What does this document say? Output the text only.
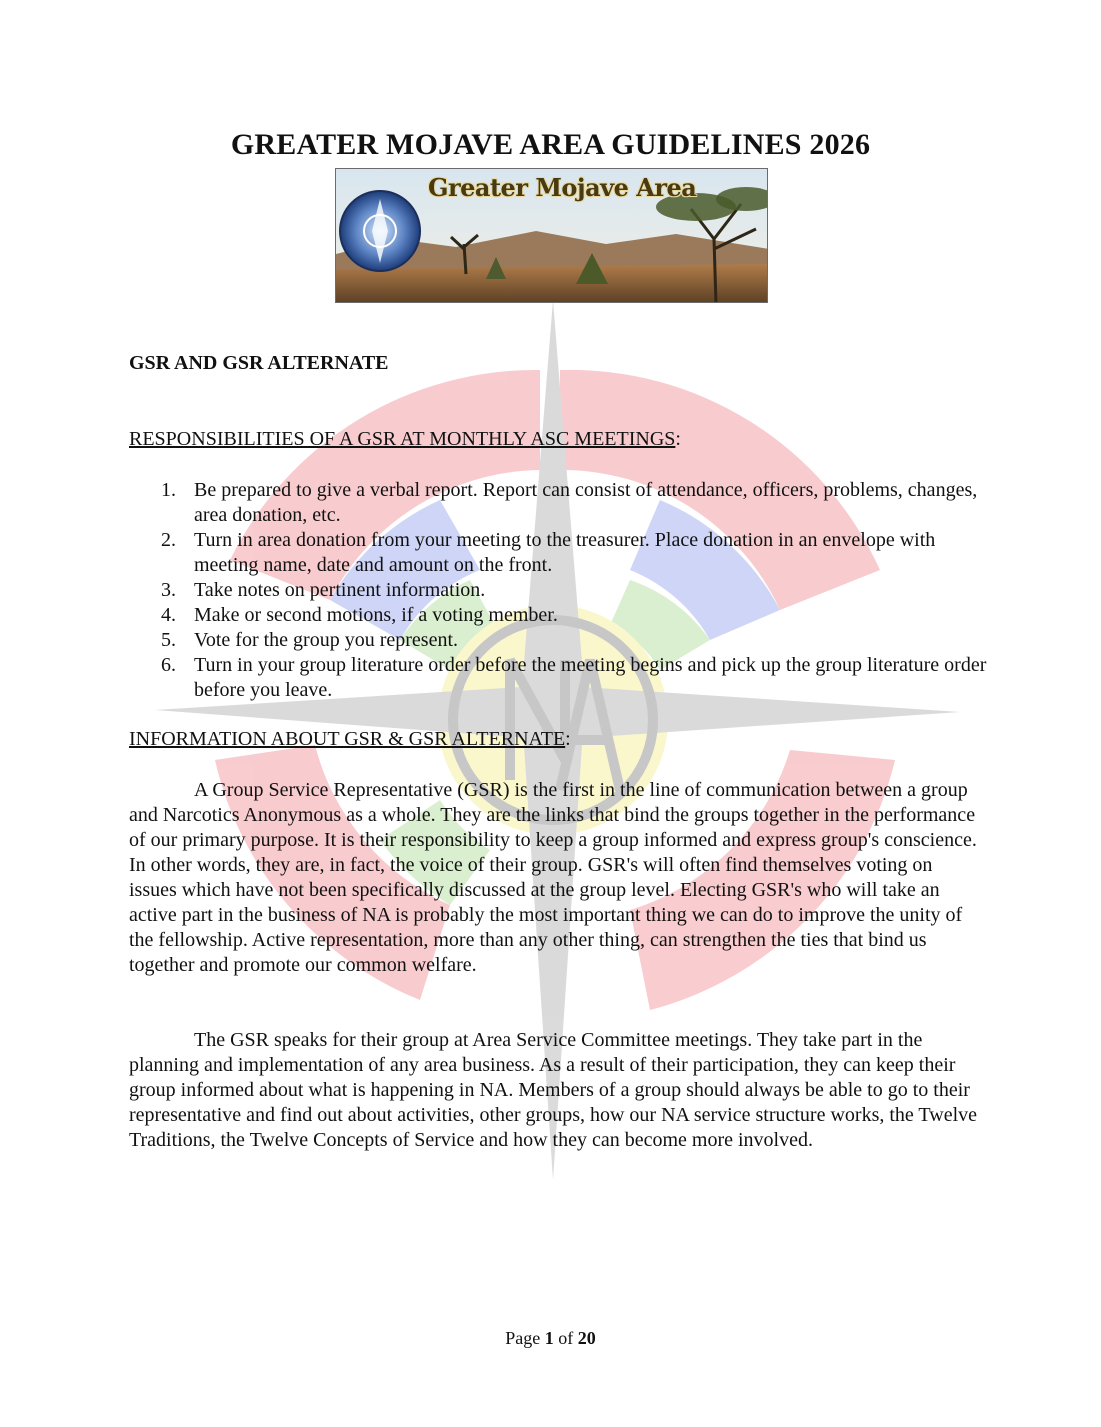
GREATER MOJAVE AREA GUIDELINES 2026
Greater Mojave Area
GSR AND GSR ALTERNATE
RESPONSIBILITIES OF A GSR AT MONTHLY ASC MEETINGS:
1. Be prepared to give a verbal report. Report can consist of attendance, officers, problems, changes, area donation, etc.
2. Turn in area donation from your meeting to the treasurer. Place donation in an envelope with meeting name, date and amount on the front.
3. Take notes on pertinent information.
4. Make or second motions, if a voting member.
5. Vote for the group you represent.
6. Turn in your group literature order before the meeting begins and pick up the group literature order before you leave.
INFORMATION ABOUT GSR & GSR ALTERNATE:

A Group Service Representative (GSR) is the first in the line of communication between a group and Narcotics Anonymous as a whole. They are the links that bind the groups together in the performance of our primary purpose. It is their responsibility to keep a group informed and express group's conscience. In other words, they are, in fact, the voice of their group. GSR's will often find themselves voting on issues which have not been specifically discussed at the group level. Electing GSR's who will take an active part in the business of NA is probably the most important thing we can do to improve the unity of the fellowship. Active representation, more than any other thing, can strengthen the ties that bind us together and promote our common welfare.

The GSR speaks for their group at Area Service Committee meetings. They take part in the planning and implementation of any area business. As a result of their participation, they can keep their group informed about what is happening in NA. Members of a group should always be able to go to their representative and find out about activities, other groups, how our NA service structure works, the Twelve Traditions, the Twelve Concepts of Service and how they can become more involved.

Page 1 of 20
